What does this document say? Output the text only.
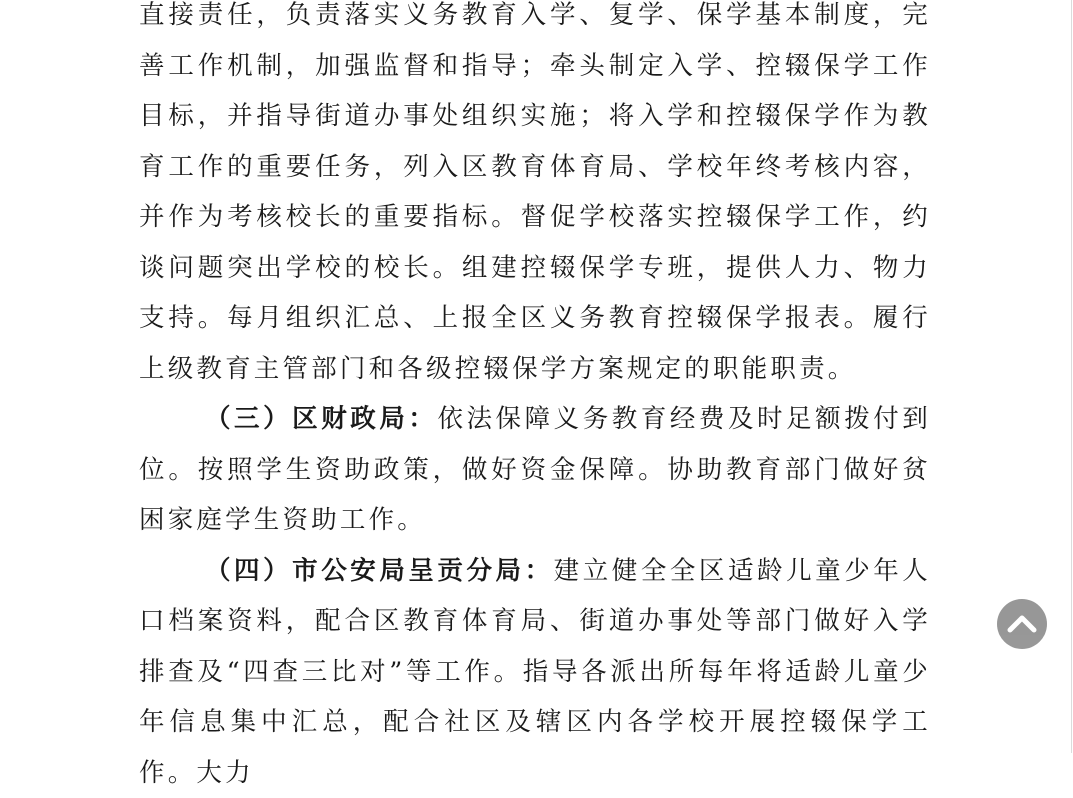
直接责任，负责落实义务教育入学、复学、保学基本制度，完善工作机制，加强监督和指导；牵头制定入学、控辍保学工作目标，并指导街道办事处组织实施；将入学和控辍保学作为教育工作的重要任务，列入区教育体育局、学校年终考核内容，并作为考核校长的重要指标。督促学校落实控辍保学工作，约谈问题突出学校的校长。组建控辍保学专班，提供人力、物力支持。每月组织汇总、上报全区义务教育控辍保学报表。履行上级教育主管部门和各级控辍保学方案规定的职能职责。

（三）区财政局：依法保障义务教育经费及时足额拨付到位。按照学生资助政策，做好资金保障。协助教育部门做好贫困家庭学生资助工作。

（四）市公安局呈贡分局：建立健全全区适龄儿童少年人口档案资料，配合区教育体育局、街道办事处等部门做好入学排查及“四查三比对”等工作。指导各派出所每年将适龄儿童少年信息集中汇总，配合社区及辖区内各学校开展控辍保学工作。大力
